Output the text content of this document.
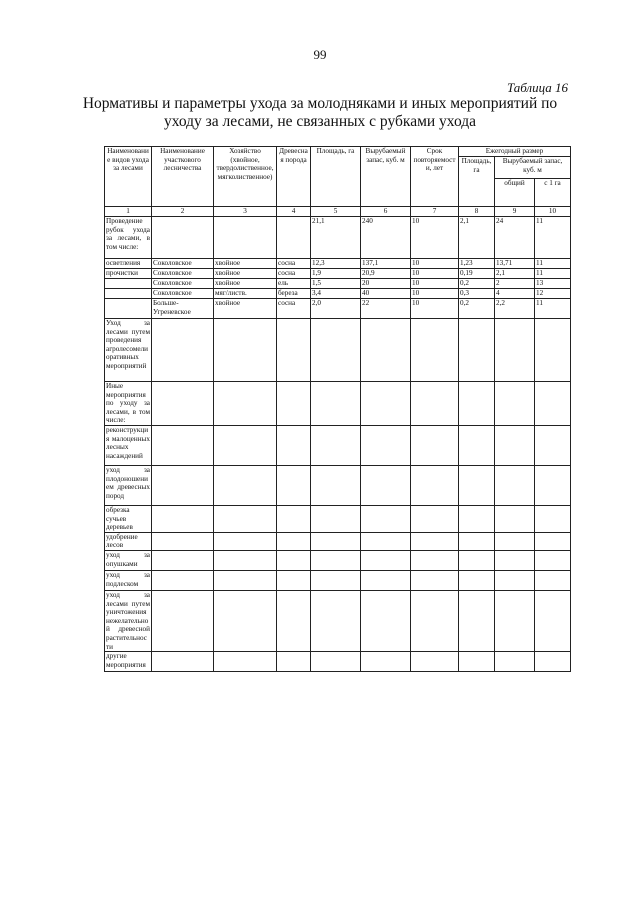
99
Таблица 16
Нормативы и параметры ухода за молодняками и иных мероприятий по уходу за лесами, не связанных с рубками ухода
Наименование видов ухода за лесами	Наименование участкового лесничества	Хозяйство (хвойное, твердолиственное, мягколиственное)	Древесная порода	Площадь, га	Вырубаемый запас, куб. м	Срок повторяемости, лет	Ежегодный размер		
							Площадь, га	Вырубаемый запас, куб. м	
								общий	с 1 га
1	2	3	4	5	6	7	8	9	10
Проведение рубок ухода за лесами, в том числе:				21,1	240	10	2,1	24	11
осветления	Соколовское	хвойное	сосна	12,3	137,1	10	1,23	13,71	11
прочистки	Соколовское	хвойное	сосна	1,9	20,9	10	0,19	2,1	11
	Соколовское	хвойное	ель	1,5	20	10	0,2	2	13
	Соколовское	мяг/листв.	береза	3,4	40	10	0,3	4	12
	Больше-Угреневское	хвойное	сосна	2,0	22	10	0,2	2,2	11
Уход за лесами путем проведения агролесомелиоративных мероприятий									
Иные мероприятия по уходу за лесами, в том числе:									
реконструкция малоценных лесных насаждений									
уход за плодоношением древесных пород									
обрезка сучьев деревьев									
удобрение лесов									
уход за опушками									
уход за подлеском									
уход за лесами путем уничтожения нежелательной древесной растительности									
другие мероприятия									
